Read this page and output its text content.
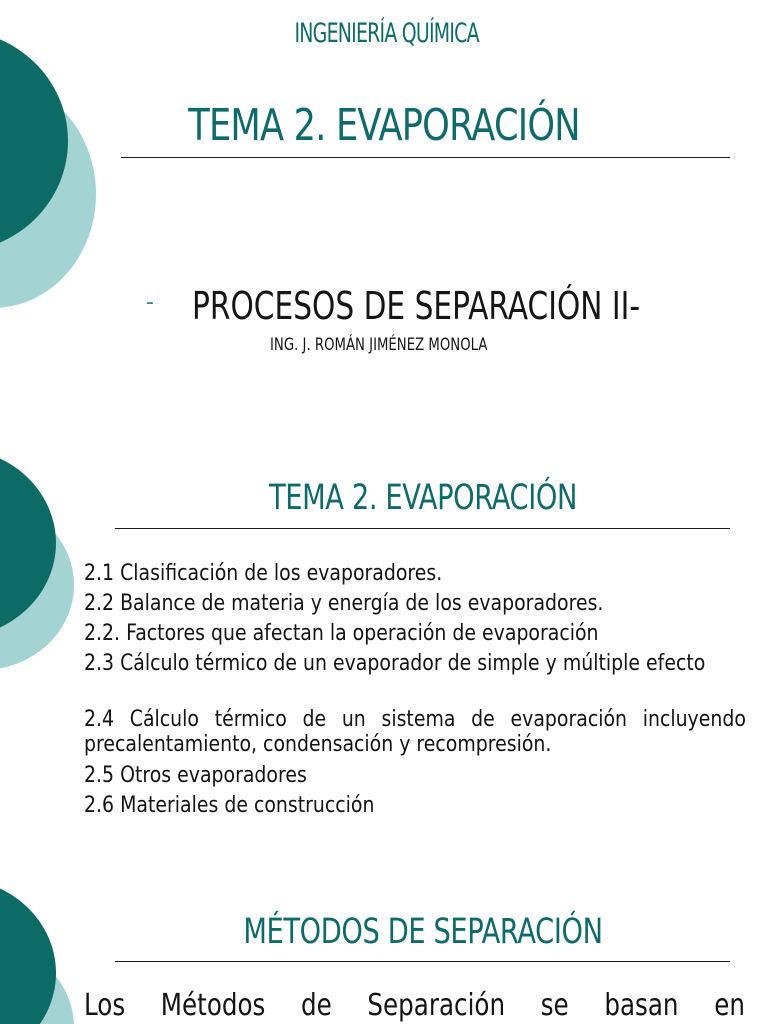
INGENIERÍA QUÍMICA
TEMA 2. EVAPORACIÓN
- PROCESOS DE SEPARACIÓN II-
ING. J. ROMÁN JIMÉNEZ MONOLA
TEMA 2. EVAPORACIÓN
2.1 Clasificación de los evaporadores.
2.2 Balance de materia y energía de los evaporadores.
2.2. Factores que afectan la operación de evaporación
2.3 Cálculo térmico de un evaporador de simple y múltiple efecto
2.4 Cálculo térmico de un sistema de evaporación incluyendo precalentamiento, condensación y recompresión.
2.5 Otros evaporadores
2.6 Materiales de construcción
MÉTODOS DE SEPARACIÓN
Los Métodos de Separación se basan en
